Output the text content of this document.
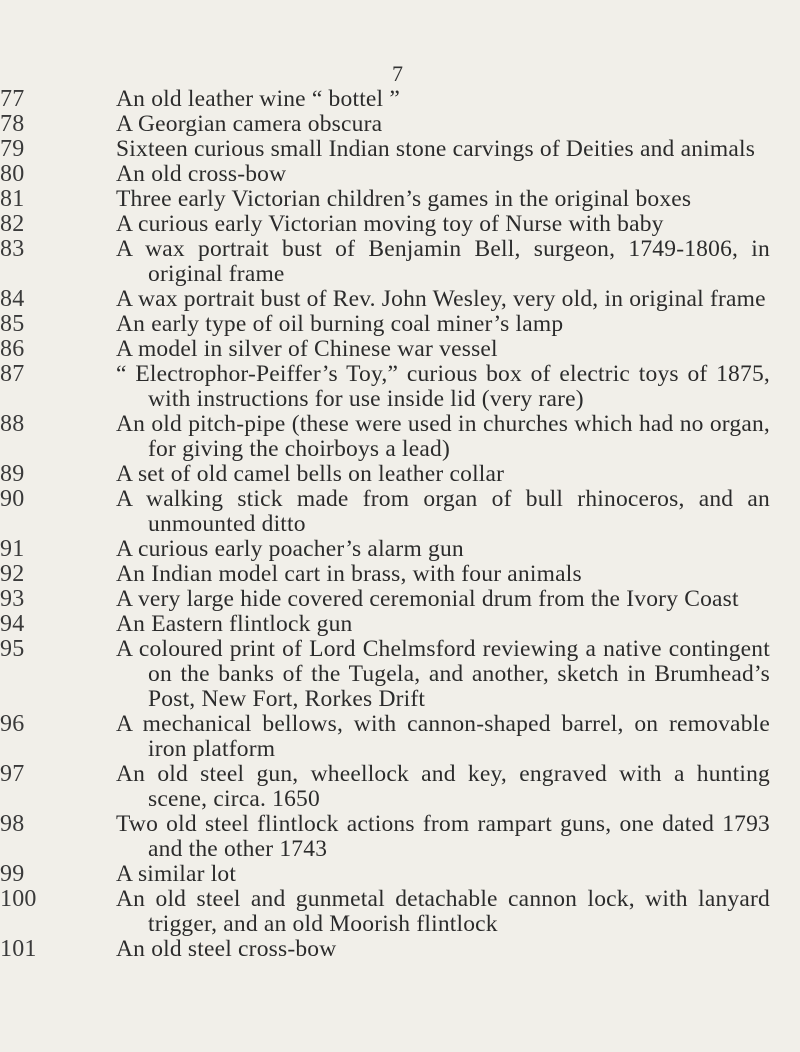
7
77	An old leather wine “ bottel ”
78	A Georgian camera obscura
79	Sixteen curious small Indian stone carvings of Deities and animals
80	An old cross-bow
81	Three early Victorian children’s games in the original boxes
82	A curious early Victorian moving toy of Nurse with baby
83	A wax portrait bust of Benjamin Bell, surgeon, 1749-1806, in original frame
84	A wax portrait bust of Rev. John Wesley, very old, in original frame
85	An early type of oil burning coal miner’s lamp
86	A model in silver of Chinese war vessel
87	“ Electrophor-Peiffer’s Toy,” curious box of electric toys of 1875, with instructions for use inside lid (very rare)
88	An old pitch-pipe (these were used in churches which had no organ, for giving the choirboys a lead)
89	A set of old camel bells on leather collar
90	A walking stick made from organ of bull rhinoceros, and an unmounted ditto
91	A curious early poacher’s alarm gun
92	An Indian model cart in brass, with four animals
93	A very large hide covered ceremonial drum from the Ivory Coast
94	An Eastern flintlock gun
95	A coloured print of Lord Chelmsford reviewing a native contingent on the banks of the Tugela, and another, sketch in Brumhead’s Post, New Fort, Rorkes Drift
96	A mechanical bellows, with cannon-shaped barrel, on removable iron platform
97	An old steel gun, wheellock and key, engraved with a hunting scene, circa. 1650
98	Two old steel flintlock actions from rampart guns, one dated 1793 and the other 1743
99	A similar lot
100	An old steel and gunmetal detachable cannon lock, with lanyard trigger, and an old Moorish flintlock
101	An old steel cross-bow
